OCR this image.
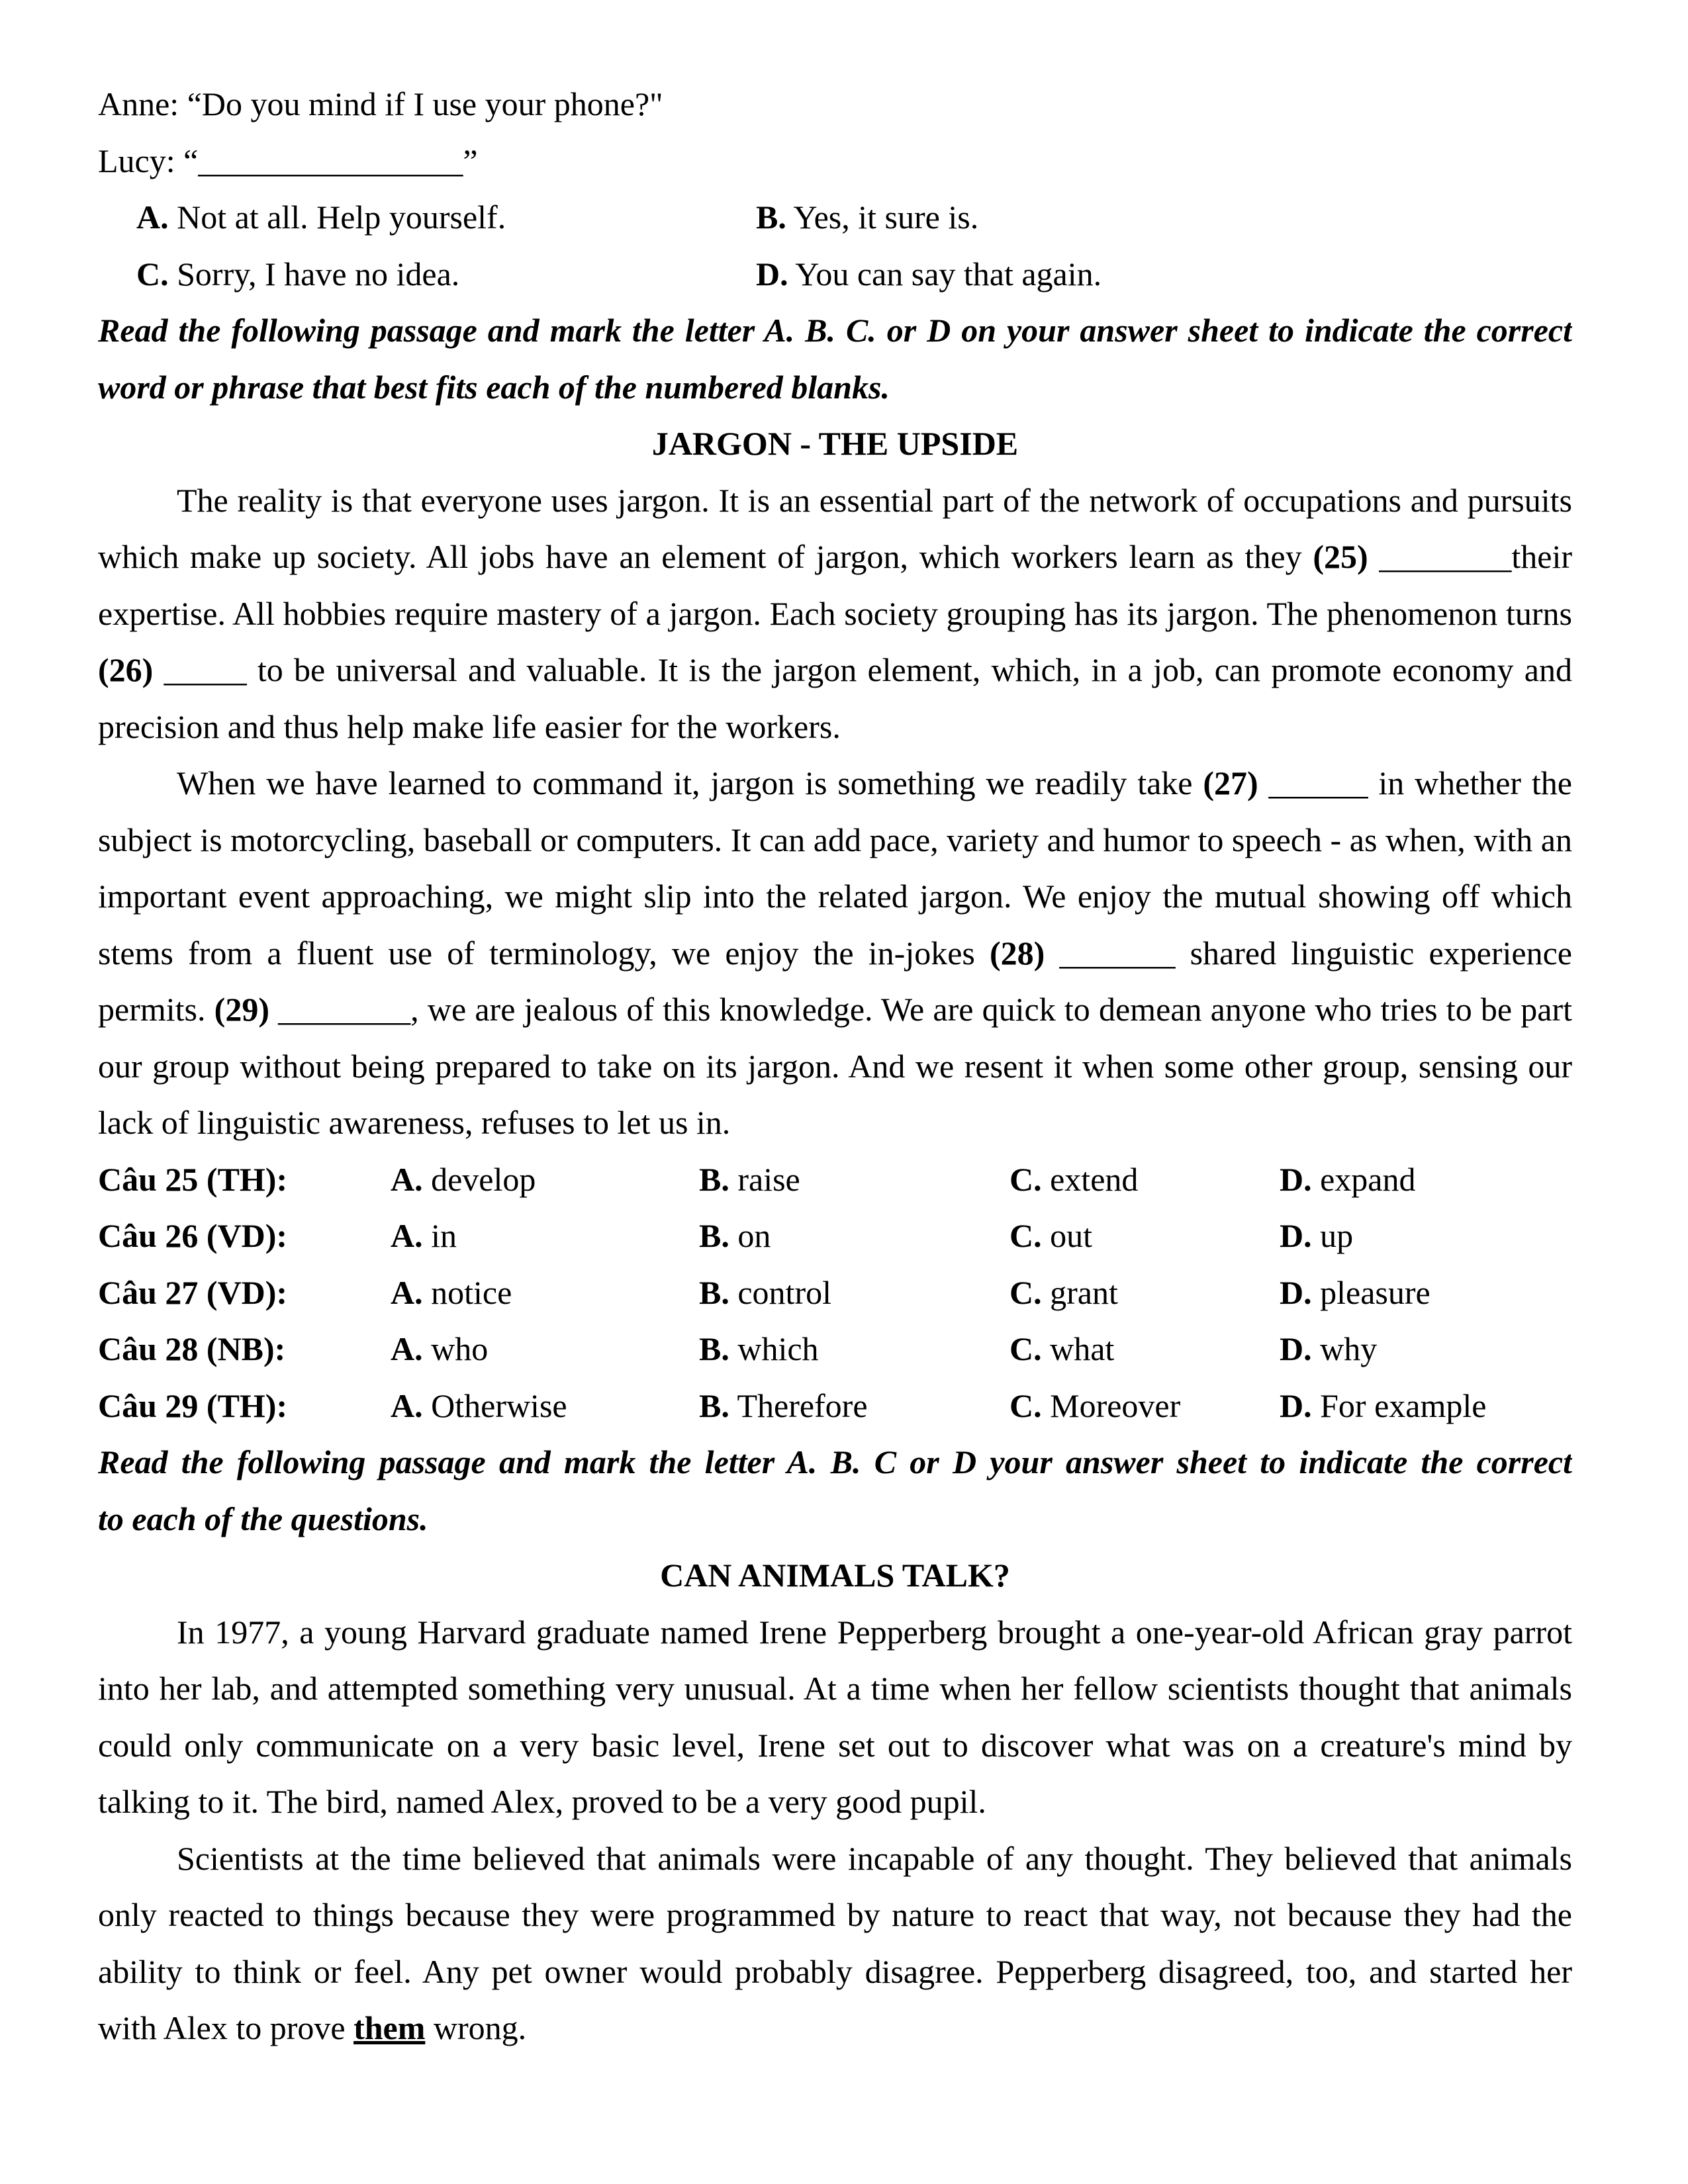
Anne: “Do you mind if I use your phone?"
Lucy: “________________”
A. Not at all. Help yourself.	B. Yes, it sure is.
C. Sorry, I have no idea.	D. You can say that again.
Read the following passage and mark the letter A. B. C. or D on your answer sheet to indicate the correct
word or phrase that best fits each of the numbered blanks.
JARGON - THE UPSIDE
The reality is that everyone uses jargon. It is an essential part of the network of occupations and pursuits
which make up society. All jobs have an element of jargon, which workers learn as they (25) ________their
expertise. All hobbies require mastery of a jargon. Each society grouping has its jargon. The phenomenon turns
(26) _____ to be universal and valuable. It is the jargon element, which, in a job, can promote economy and
precision and thus help make life easier for the workers.
When we have learned to command it, jargon is something we readily take (27) ______ in whether the
subject is motorcycling, baseball or computers. It can add pace, variety and humor to speech - as when, with an
important event approaching, we might slip into the related jargon. We enjoy the mutual showing off which
stems from a fluent use of terminology, we enjoy the in-jokes (28) _______ shared linguistic experience
permits. (29) ________, we are jealous of this knowledge. We are quick to demean anyone who tries to be part
our group without being prepared to take on its jargon. And we resent it when some other group, sensing our
lack of linguistic awareness, refuses to let us in.
Câu 25 (TH):	A. develop	B. raise	C. extend	D. expand
Câu 26 (VD):	A. in	B. on	C. out	D. up
Câu 27 (VD):	A. notice	B. control	C. grant	D. pleasure
Câu 28 (NB):	A. who	B. which	C. what	D. why
Câu 29 (TH):	A. Otherwise	B. Therefore	C. Moreover	D. For example
Read the following passage and mark the letter A. B. C or D your answer sheet to indicate the correct
to each of the questions.
CAN ANIMALS TALK?
In 1977, a young Harvard graduate named Irene Pepperberg brought a one-year-old African gray parrot
into her lab, and attempted something very unusual. At a time when her fellow scientists thought that animals
could only communicate on a very basic level, Irene set out to discover what was on a creature's mind by
talking to it. The bird, named Alex, proved to be a very good pupil.
Scientists at the time believed that animals were incapable of any thought. They believed that animals
only reacted to things because they were programmed by nature to react that way, not because they had the
ability to think or feel. Any pet owner would probably disagree. Pepperberg disagreed, too, and started her
with Alex to prove them wrong.
